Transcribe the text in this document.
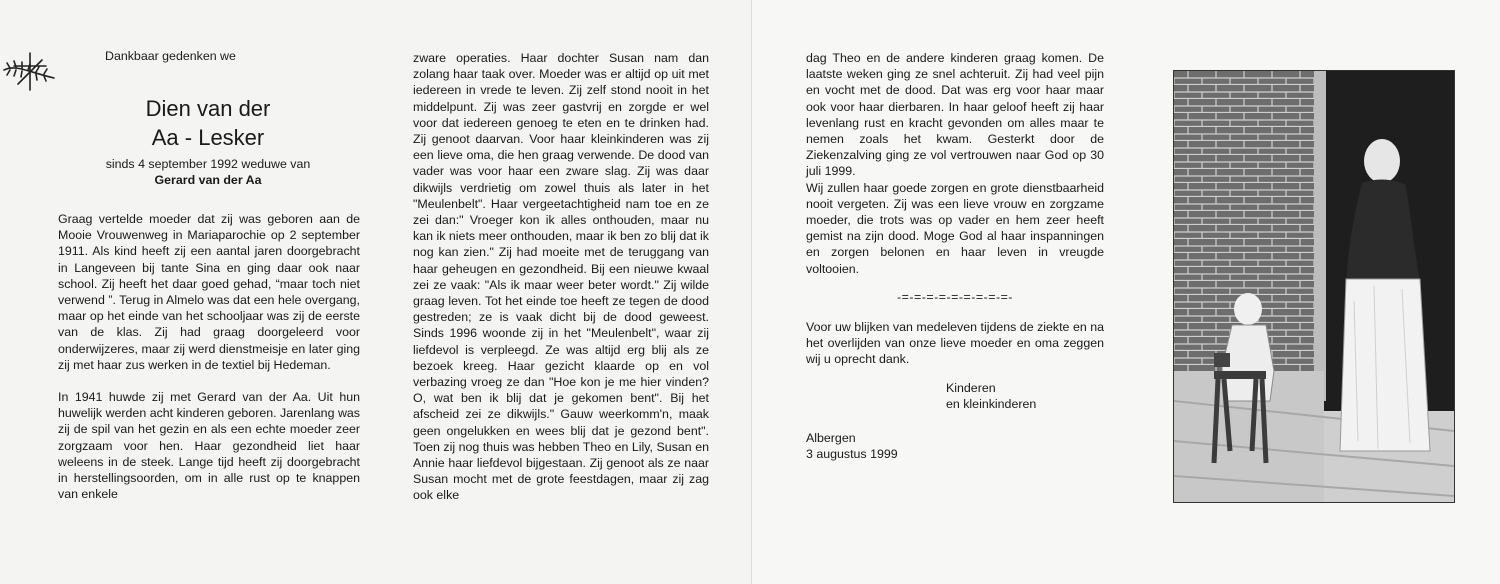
Dankbaar gedenken we
Dien van der
Aa - Lesker
sinds 4 september 1992 weduwe van
Gerard van der Aa

Graag vertelde moeder dat zij was geboren aan de Mooie Vrouwenweg in Mariaparochie op 2 september 1911. Als kind heeft zij een aantal jaren doorgebracht in Langeveen bij tante Sina en ging daar ook naar school. Zij heeft het daar goed gehad, “maar toch niet verwend ”. Terug in Almelo was dat een hele overgang, maar op het einde van het schooljaar was zij de eerste van de klas. Zij had graag doorgeleerd voor onderwijzeres, maar zij werd dienstmeisje en later ging zij met haar zus werken in de textiel bij Hedeman.

In 1941 huwde zij met Gerard van der Aa. Uit hun huwelijk werden acht kinderen geboren. Jarenlang was zij de spil van het gezin en als een echte moeder zeer zorgzaam voor hen. Haar gezondheid liet haar weleens in de steek. Lange tijd heeft zij doorgebracht in herstellingsoorden, om in alle rust op te knappen van enkele

zware operaties. Haar dochter Susan nam dan zolang haar taak over. Moeder was er altijd op uit met iedereen in vrede te leven. Zij zelf stond nooit in het middelpunt. Zij was zeer gastvrij en zorgde er wel voor dat iedereen genoeg te eten en te drinken had. Zij genoot daarvan. Voor haar kleinkinderen was zij een lieve oma, die hen graag verwende. De dood van vader was voor haar een zware slag. Zij was daar dikwijls verdrietig om zowel thuis als later in het "Meulenbelt". Haar vergeetachtigheid nam toe en ze zei dan:" Vroeger kon ik alles onthouden, maar nu kan ik niets meer onthouden, maar ik ben zo blij dat ik nog kan zien." Zij had moeite met de teruggang van haar geheugen en gezondheid. Bij een nieuwe kwaal zei ze vaak: "Als ik maar weer beter wordt." Zij wilde graag leven. Tot het einde toe heeft ze tegen de dood gestreden; ze is vaak dicht bij de dood geweest. Sinds 1996 woonde zij in het "Meulenbelt", waar zij liefdevol is verpleegd. Ze was altijd erg blij als ze bezoek kreeg. Haar gezicht klaarde op en vol verbazing vroeg ze dan "Hoe kon je me hier vinden? O, wat ben ik blij dat je gekomen bent". Bij het afscheid zei ze dikwijls." Gauw weerkomm'n, maak geen ongelukken en wees blij dat je gezond bent". Toen zij nog thuis was hebben Theo en Lily, Susan en Annie haar liefdevol bijgestaan. Zij genoot als ze naar Susan mocht met de grote feestdagen, maar zij zag ook elke

dag Theo en de andere kinderen graag komen. De laatste weken ging ze snel achteruit. Zij had veel pijn en vocht met de dood. Dat was erg voor haar maar ook voor haar dierbaren. In haar geloof heeft zij haar levenlang rust en kracht gevonden om alles maar te nemen zoals het kwam. Gesterkt door de Ziekenzalving ging ze vol vertrouwen naar God op 30 juli 1999.

Wij zullen haar goede zorgen en grote dienstbaarheid nooit vergeten. Zij was een lieve vrouw en zorgzame moeder, die trots was op vader en hem zeer heeft gemist na zijn dood. Moge God al haar inspanningen en zorgen belonen en haar leven in vreugde voltooien.

-=-=-=-=-=-=-=-=-=-

Voor uw blijken van medeleven tijdens de ziekte en na het overlijden van onze lieve moeder en oma zeggen wij u oprecht dank.

Kinderen
en kleinkinderen
Albergen
3 augustus 1999
